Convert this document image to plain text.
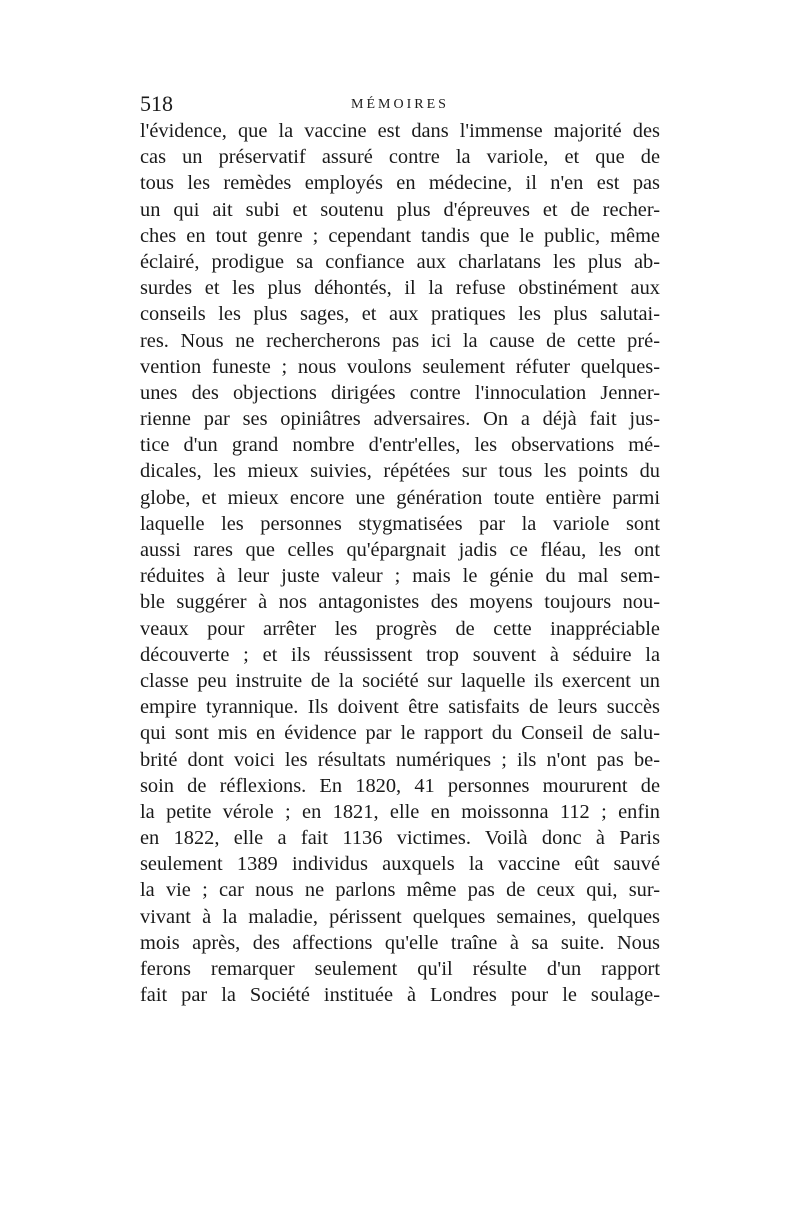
518	MÉMOIRES
l'évidence, que la vaccine est dans l'immense majorité des
cas un préservatif assuré contre la variole, et que de
tous les remèdes employés en médecine, il n'en est pas
un qui ait subi et soutenu plus d'épreuves et de recher-
ches en tout genre ; cependant tandis que le public, même
éclairé, prodigue sa confiance aux charlatans les plus ab-
surdes et les plus déhontés, il la refuse obstinément aux
conseils les plus sages, et aux pratiques les plus salutai-
res. Nous ne rechercherons pas ici la cause de cette pré-
vention funeste ; nous voulons seulement réfuter quelques-
unes des objections dirigées contre l'innoculation Jenner-
rienne par ses opiniâtres adversaires. On a déjà fait jus-
tice d'un grand nombre d'entr'elles, les observations mé-
dicales, les mieux suivies, répétées sur tous les points du
globe, et mieux encore une génération toute entière parmi
laquelle les personnes stygmatisées par la variole sont
aussi rares que celles qu'épargnait jadis ce fléau, les ont
réduites à leur juste valeur ; mais le génie du mal sem-
ble suggérer à nos antagonistes des moyens toujours nou-
veaux pour arrêter les progrès de cette inappréciable
découverte ; et ils réussissent trop souvent à séduire la
classe peu instruite de la société sur laquelle ils exercent un
empire tyrannique. Ils doivent être satisfaits de leurs succès
qui sont mis en évidence par le rapport du Conseil de salu-
brité dont voici les résultats numériques ; ils n'ont pas be-
soin de réflexions. En 1820, 41 personnes moururent de
la petite vérole ; en 1821, elle en moissonna 112 ; enfin
en 1822, elle a fait 1136 victimes. Voilà donc à Paris
seulement 1389 individus auxquels la vaccine eût sauvé
la vie ; car nous ne parlons même pas de ceux qui, sur-
vivant à la maladie, périssent quelques semaines, quelques
mois après, des affections qu'elle traîne à sa suite. Nous
ferons remarquer seulement qu'il résulte d'un rapport
fait par la Société instituée à Londres pour le soulage-
